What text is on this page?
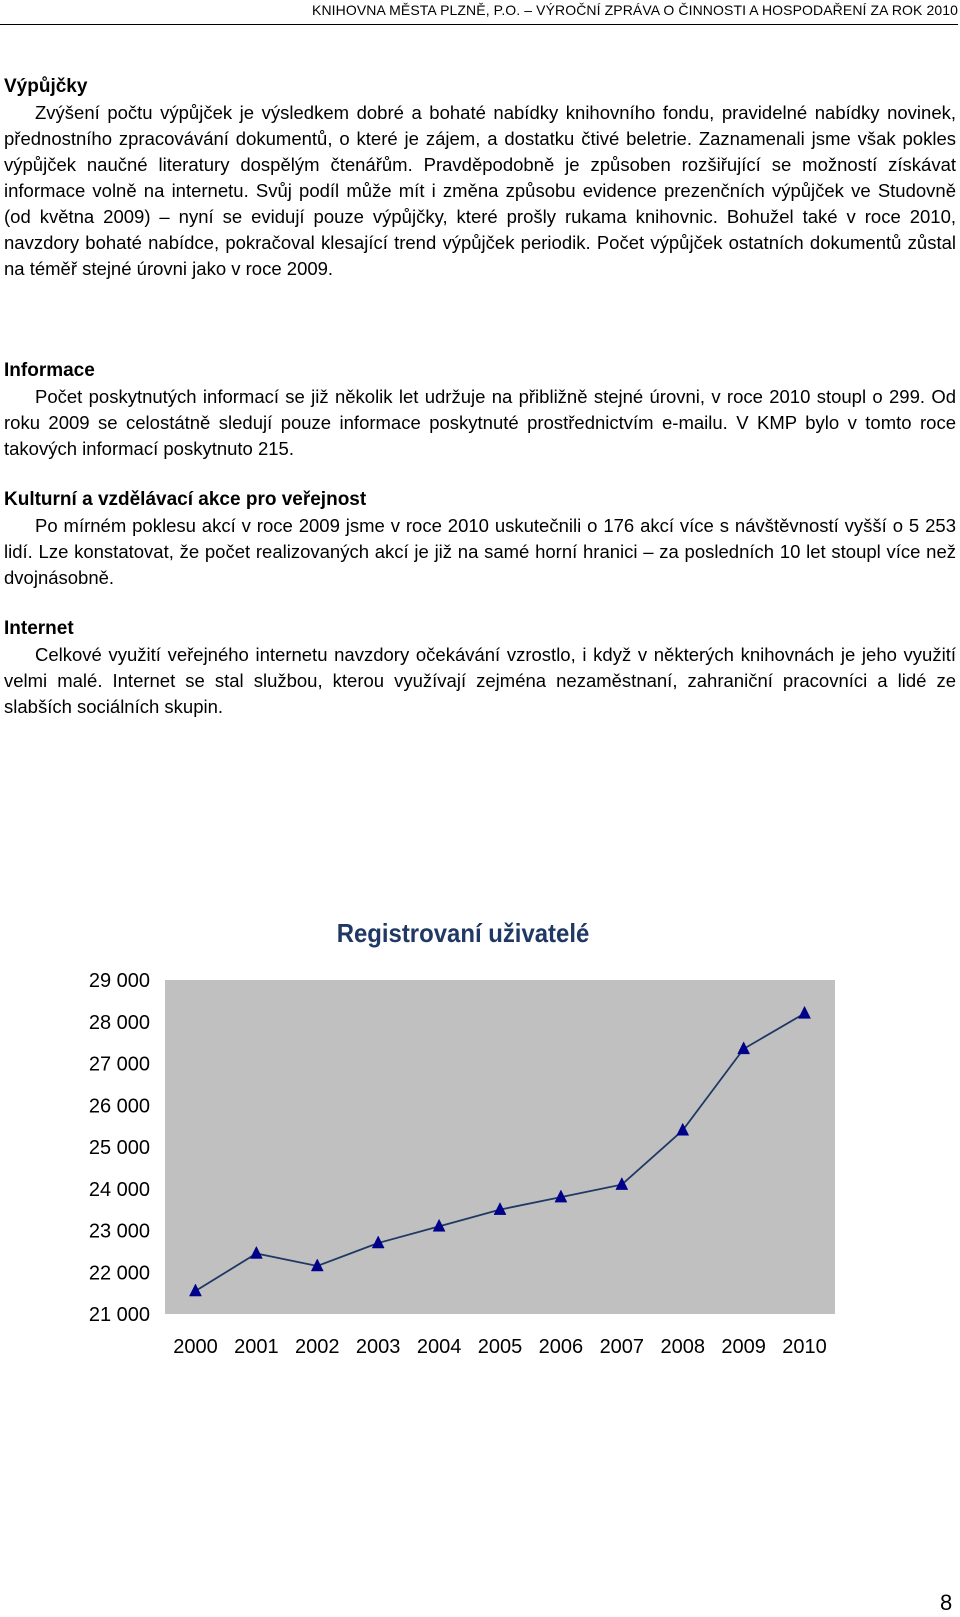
KNIHOVNA MĚSTA PLZNĚ, P.O. – VÝROČNÍ ZPRÁVA O ČINNOSTI A HOSPODAŘENÍ ZA ROK 2010

Výpůjčky

Zvýšení počtu výpůjček je výsledkem dobré a bohaté nabídky knihovního fondu, pravidelné nabídky novinek, přednostního zpracovávání dokumentů, o které je zájem, a dostatku čtivé beletrie. Zaznamenali jsme však pokles výpůjček naučné literatury dospělým čtenářům. Pravděpodobně je způsoben rozšiřující se možností získávat informace volně na internetu. Svůj podíl může mít i změna způsobu evidence prezenčních výpůjček ve Studovně (od května 2009) – nyní se evidují pouze výpůjčky, které prošly rukama knihovnic. Bohužel také v roce 2010, navzdory bohaté nabídce, pokračoval klesající trend výpůjček periodik. Počet výpůjček ostatních dokumentů zůstal na téměř stejné úrovni jako v roce 2009.

Informace

Počet poskytnutých informací se již několik let udržuje na přibližně stejné úrovni, v roce 2010 stoupl o 299. Od roku 2009 se celostátně sledují pouze informace poskytnuté prostřednictvím e-mailu. V KMP bylo v tomto roce takových informací poskytnuto 215.

Kulturní a vzdělávací akce pro veřejnost

Po mírném poklesu akcí v roce 2009 jsme v roce 2010 uskutečnili o 176 akcí více s návštěvností vyšší o 5 253 lidí. Lze konstatovat, že počet realizovaných akcí je již na samé horní hranici – za posledních 10 let stoupl více než dvojnásobně.

Internet

Celkové využití veřejného internetu navzdory očekávání vzrostlo, i když v některých knihovnách je jeho využití velmi malé. Internet se stal službou, kterou využívají zejména nezaměstnaní, zahraniční pracovníci a lidé ze slabších sociálních skupin.

Registrovaní uživatelé
21 000
22 000
23 000
24 000
25 000
26 000
27 000
28 000
29 000
2000 2001 2002 2003 2004 2005 2006 2007 2008 2009 2010
8
